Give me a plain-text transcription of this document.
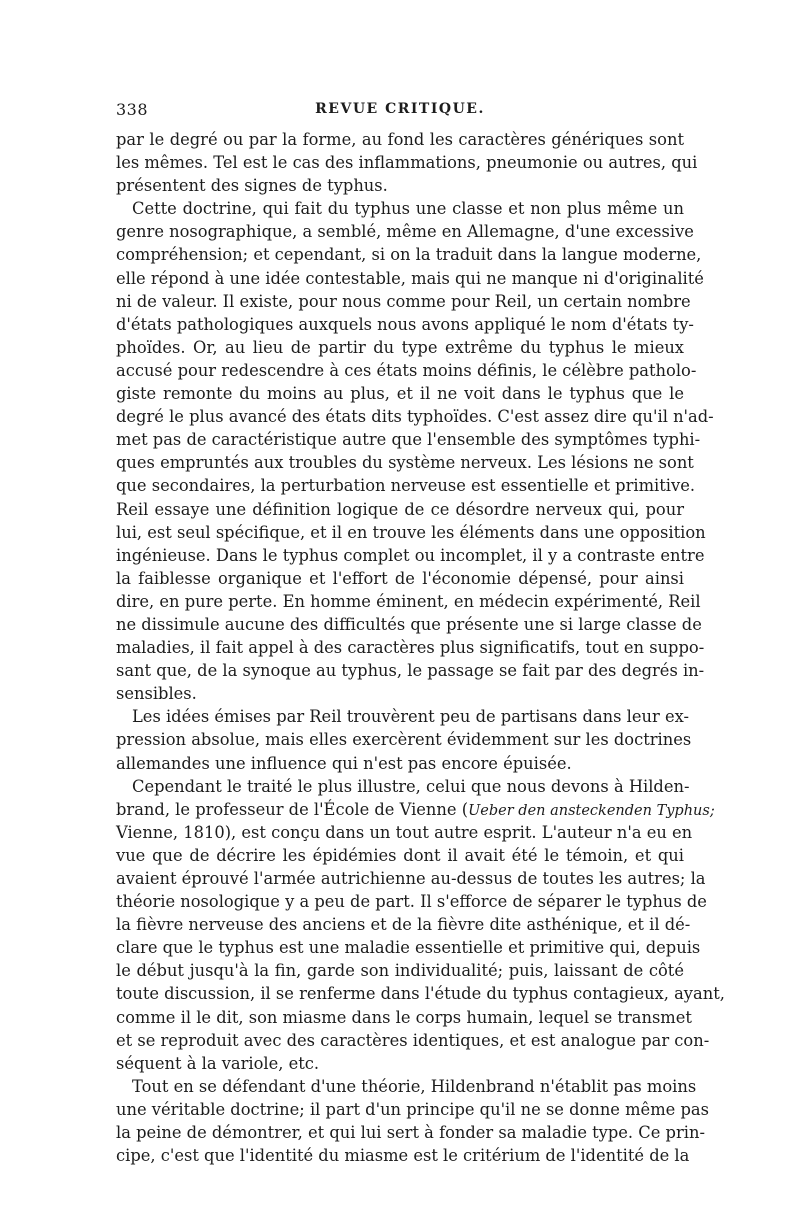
338	REVUE CRITIQUE.
par le degré ou par la forme, au fond les caractères génériques sont
les mêmes. Tel est le cas des inflammations, pneumonie ou autres, qui
présentent des signes de typhus.
Cette doctrine, qui fait du typhus une classe et non plus même un
genre nosographique, a semblé, même en Allemagne, d'une excessive
compréhension; et cependant, si on la traduit dans la langue moderne,
elle répond à une idée contestable, mais qui ne manque ni d'originalité
ni de valeur. Il existe, pour nous comme pour Reil, un certain nombre
d'états pathologiques auxquels nous avons appliqué le nom d'états ty-
phoïdes. Or, au lieu de partir du type extrême du typhus le mieux
accusé pour redescendre à ces états moins définis, le célèbre patholo-
giste remonte du moins au plus, et il ne voit dans le typhus que le
degré le plus avancé des états dits typhoïdes. C'est assez dire qu'il n'ad-
met pas de caractéristique autre que l'ensemble des symptômes typhi-
ques empruntés aux troubles du système nerveux. Les lésions ne sont
que secondaires, la perturbation nerveuse est essentielle et primitive.
Reil essaye une définition logique de ce désordre nerveux qui, pour
lui, est seul spécifique, et il en trouve les éléments dans une opposition
ingénieuse. Dans le typhus complet ou incomplet, il y a contraste entre
la faiblesse organique et l'effort de l'économie dépensé, pour ainsi
dire, en pure perte. En homme éminent, en médecin expérimenté, Reil
ne dissimule aucune des difficultés que présente une si large classe de
maladies, il fait appel à des caractères plus significatifs, tout en suppo-
sant que, de la synoque au typhus, le passage se fait par des degrés in-
sensibles.
Les idées émises par Reil trouvèrent peu de partisans dans leur ex-
pression absolue, mais elles exercèrent évidemment sur les doctrines
allemandes une influence qui n'est pas encore épuisée.
Cependant le traité le plus illustre, celui que nous devons à Hilden-
brand, le professeur de l'École de Vienne (Ueber den ansteckenden Typhus;
Vienne, 1810), est conçu dans un tout autre esprit. L'auteur n'a eu en
vue que de décrire les épidémies dont il avait été le témoin, et qui
avaient éprouvé l'armée autrichienne au-dessus de toutes les autres; la
théorie nosologique y a peu de part. Il s'efforce de séparer le typhus de
la fièvre nerveuse des anciens et de la fièvre dite asthénique, et il dé-
clare que le typhus est une maladie essentielle et primitive qui, depuis
le début jusqu'à la fin, garde son individualité; puis, laissant de côté
toute discussion, il se renferme dans l'étude du typhus contagieux, ayant,
comme il le dit, son miasme dans le corps humain, lequel se transmet
et se reproduit avec des caractères identiques, et est analogue par con-
séquent à la variole, etc.
Tout en se défendant d'une théorie, Hildenbrand n'établit pas moins
une véritable doctrine; il part d'un principe qu'il ne se donne même pas
la peine de démontrer, et qui lui sert à fonder sa maladie type. Ce prin-
cipe, c'est que l'identité du miasme est le critérium de l'identité de la
